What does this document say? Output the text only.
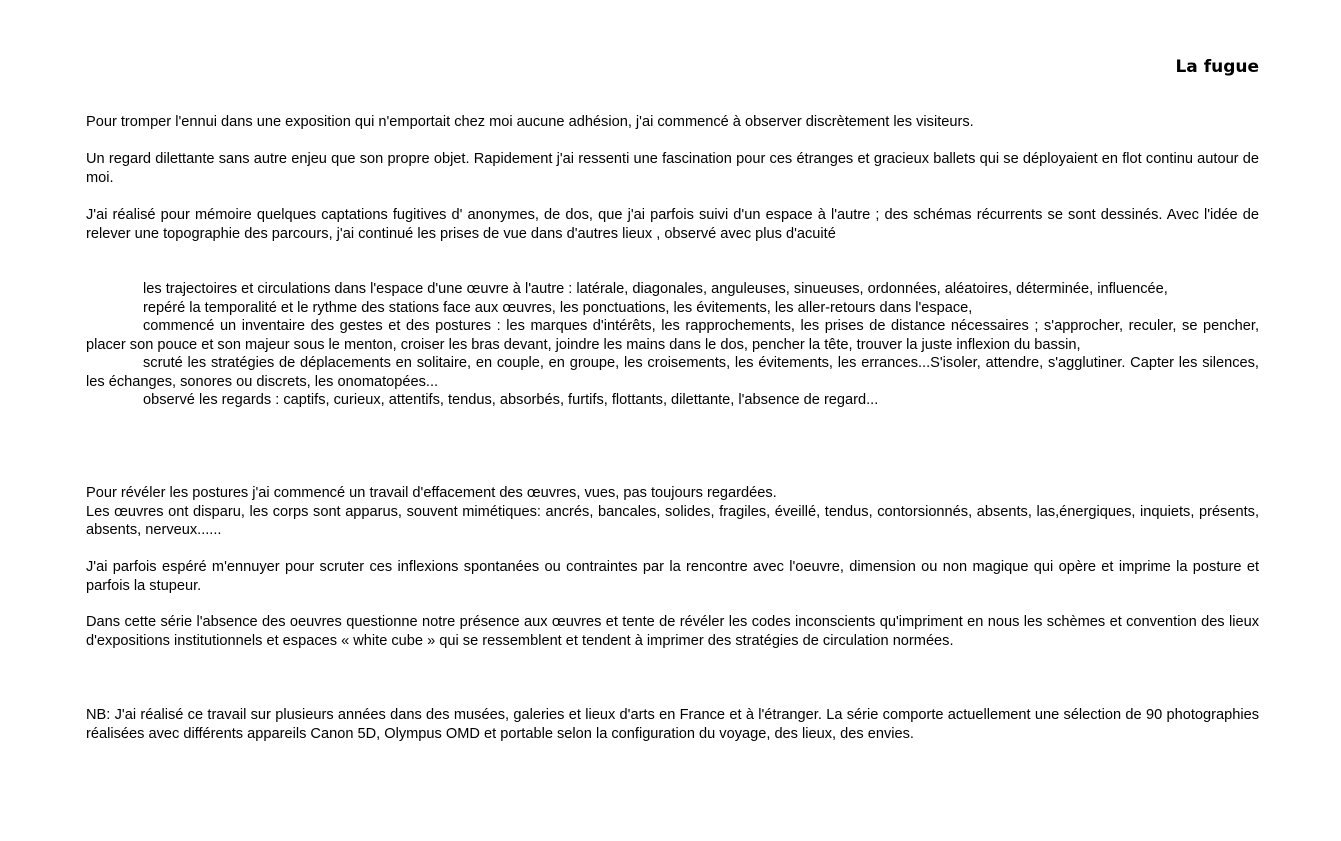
La fugue

Pour tromper l'ennui dans une exposition qui n'emportait chez moi aucune adhésion, j'ai commencé à observer discrètement les visiteurs.

Un regard dilettante sans autre enjeu que son propre objet. Rapidement j'ai ressenti une fascination pour ces étranges et gracieux ballets qui se déployaient en flot continu autour de moi.

J'ai réalisé pour mémoire quelques captations fugitives d' anonymes, de dos, que j'ai parfois suivi d'un espace à l'autre ; des schémas récurrents se sont dessinés. Avec l'idée de relever une topographie des parcours, j'ai continué les prises de vue dans d'autres lieux , observé avec plus d'acuité

les trajectoires et circulations dans l'espace d'une œuvre à l'autre : latérale, diagonales, anguleuses, sinueuses, ordonnées, aléatoires, déterminée, influencée,

repéré la temporalité et le rythme des stations face aux œuvres, les ponctuations, les évitements, les aller-retours dans l'espace,

commencé un inventaire des gestes et des postures : les marques d'intérêts, les rapprochements, les prises de distance nécessaires ; s'approcher, reculer, se pencher, placer son pouce et son majeur sous le menton, croiser les bras devant, joindre les mains dans le dos, pencher la tête, trouver la juste inflexion du bassin,

scruté les stratégies de déplacements en solitaire, en couple, en groupe, les croisements, les évitements, les errances...S'isoler, attendre, s'agglutiner. Capter les silences, les échanges, sonores ou discrets, les onomatopées...

observé les regards : captifs, curieux, attentifs, tendus, absorbés, furtifs, flottants, dilettante, l'absence de regard...

Pour révéler les postures j'ai commencé un travail d'effacement des œuvres, vues, pas toujours regardées.

Les œuvres ont disparu, les corps sont apparus, souvent mimétiques: ancrés, bancales, solides, fragiles, éveillé, tendus, contorsionnés, absents, las,énergiques, inquiets, présents, absents, nerveux......

J'ai parfois espéré m'ennuyer pour scruter ces inflexions spontanées ou contraintes par la rencontre avec l'oeuvre, dimension ou non magique qui opère et imprime la posture et parfois la stupeur.

Dans cette série l'absence des oeuvres questionne notre présence aux œuvres et tente de révéler les codes inconscients qu'impriment en nous les schèmes et convention des lieux d'expositions institutionnels et espaces « white cube » qui se ressemblent et tendent à imprimer des stratégies de circulation normées.

NB: J'ai réalisé ce travail sur plusieurs années dans des musées, galeries et lieux d'arts en France et à l'étranger. La série comporte actuellement une sélection de 90 photographies réalisées avec différents appareils Canon 5D, Olympus OMD et portable selon la configuration du voyage, des lieux, des envies.
